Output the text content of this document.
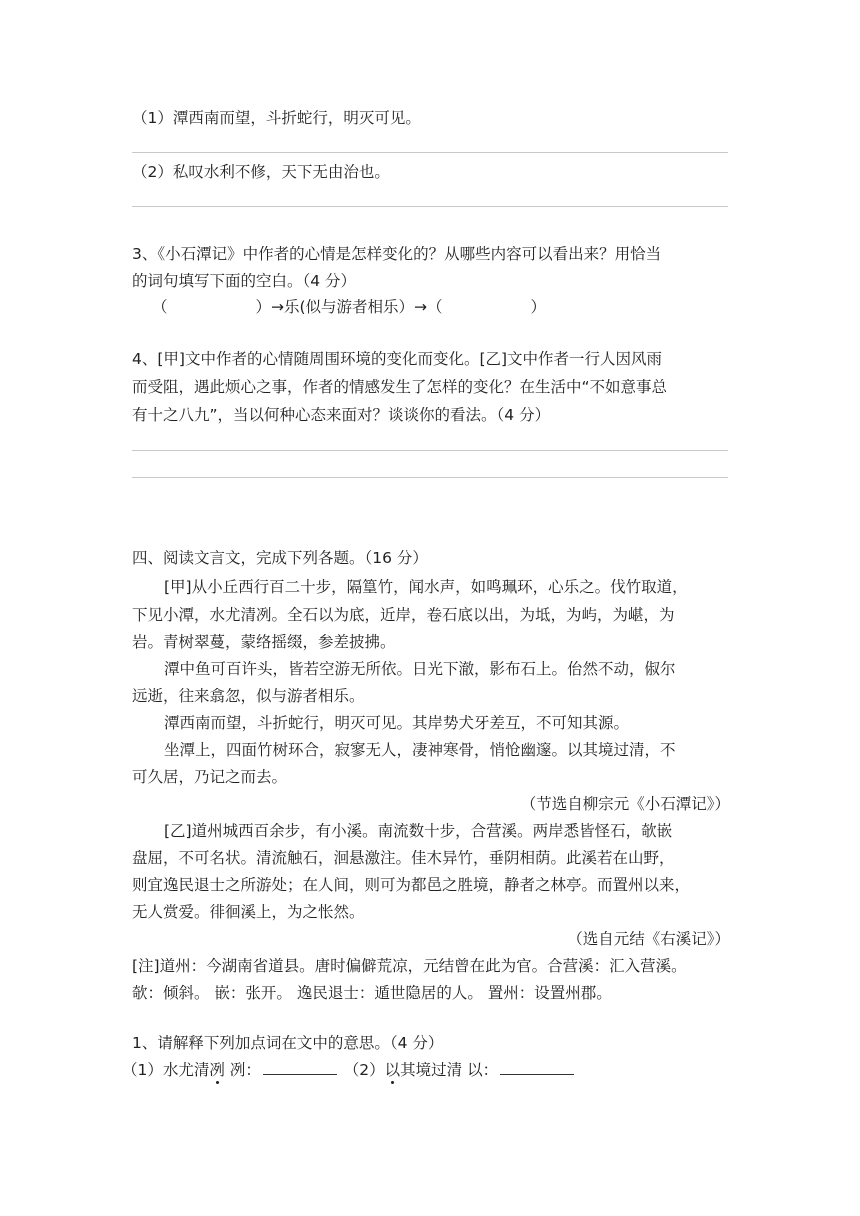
（1）潭西南而望，斗折蛇行，明灭可见。
（2）私叹水利不修，天下无由治也。
3、《小石潭记》中作者的心情是怎样变化的？从哪些内容可以看出来？用恰当
的词句填写下面的空白。（4 分）
（	）→乐(似与游者相乐）→（	）
4、[甲]文中作者的心情随周围环境的变化而变化。[乙]文中作者一行人因风雨
而受阻，遇此烦心之事，作者的情感发生了怎样的变化？在生活中“不如意事总
有十之八九”，当以何种心态来面对？谈谈你的看法。（4 分）
四、阅读文言文，完成下列各题。（16 分）
[甲]从小丘西行百二十步，隔篁竹，闻水声，如鸣珮环，心乐之。伐竹取道，
下见小潭，水尤清冽。全石以为底，近岸，卷石底以出，为坻，为屿，为嵁，为
岩。青树翠蔓，蒙络摇缀，参差披拂。
潭中鱼可百许头，皆若空游无所依。日光下澈，影布石上。佁然不动，俶尔
远逝，往来翕忽，似与游者相乐。
潭西南而望，斗折蛇行，明灭可见。其岸势犬牙差互，不可知其源。
坐潭上，四面竹树环合，寂寥无人，凄神寒骨，悄怆幽邃。以其境过清，不
可久居，乃记之而去。
（节选自柳宗元《小石潭记》）
[乙]道州城西百余步，有小溪。南流数十步，合营溪。两岸悉皆怪石，欹嵌
盘屈，不可名状。清流触石，洄悬激注。佳木异竹，垂阴相荫。此溪若在山野，
则宜逸民退士之所游处；在人间，则可为都邑之胜境，静者之林亭。而置州以来，
无人赏爱。徘徊溪上，为之怅然。
（选自元结《右溪记》）
[注]道州：今湖南省道县。唐时偏僻荒凉，元结曾在此为官。合营溪：汇入营溪。
欹：倾斜。 嵌：张开。 逸民退士：遁世隐居的人。 置州：设置州郡。
1、请解释下列加点词在文中的意思。（4 分）
（1）水尤清冽 冽：	（2）以其境过清 以：
